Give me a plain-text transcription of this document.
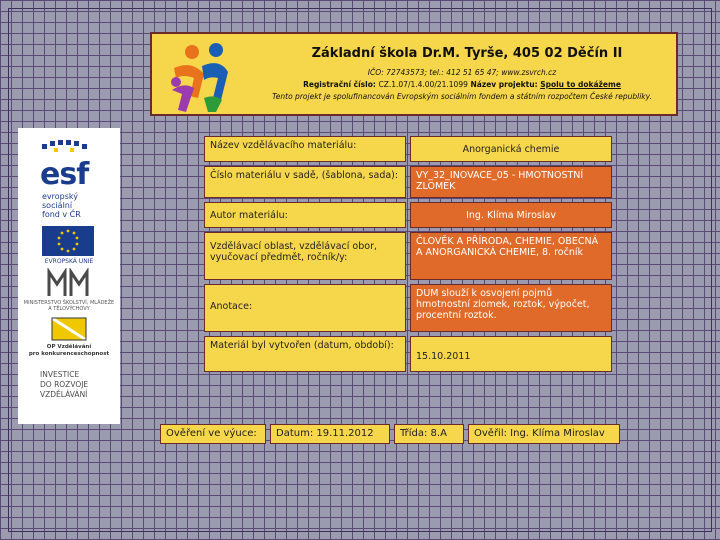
Základní škola Dr.M. Tyrše, 405 02 Děčín II
IČO: 72743573; tel.: 412 51 65 47; www.zsvrch.cz
Registrační číslo: CZ.1.07/1.4.00/21.1099 Název projektu: Spolu to dokážeme
Tento projekt je spolufinancován Evropským sociálním fondem a státním rozpočtem České republiky.
esf
evropský
sociální
fond v ČR
EVROPSKÁ UNIE
MINISTERSTVO ŠKOLSTVÍ, MLÁDEŽE A TĚLOVÝCHOVY
OP Vzdělávání
pro konkurenceschopnost
INVESTICE
DO ROZVOJE
VZDĚLÁVÁNÍ
Název vzdělávacího materiálu:	Anorganická chemie
Číslo materiálu v sadě, (šablona, sada):	VY_32_INOVACE_05 - HMOTNOSTNÍ ZLOMEK
Autor materiálu:	Ing. Klíma Miroslav
Vzdělávací oblast, vzdělávací obor, vyučovací předmět, ročník/y:
ČLOVĚK A PŘÍRODA, CHEMIE, OBECNÁ A ANORGANICKÁ CHEMIE, 8. ročník
Anotace:
DUM slouží k osvojení pojmů hmotnostní zlomek, roztok, výpočet, procentní roztok.
Materiál byl vytvořen (datum, období):
15.10.2011
Ověření ve výuce:	Datum: 19.11.2012	Třída: 8.A	Ověřil: Ing. Klíma Miroslav
